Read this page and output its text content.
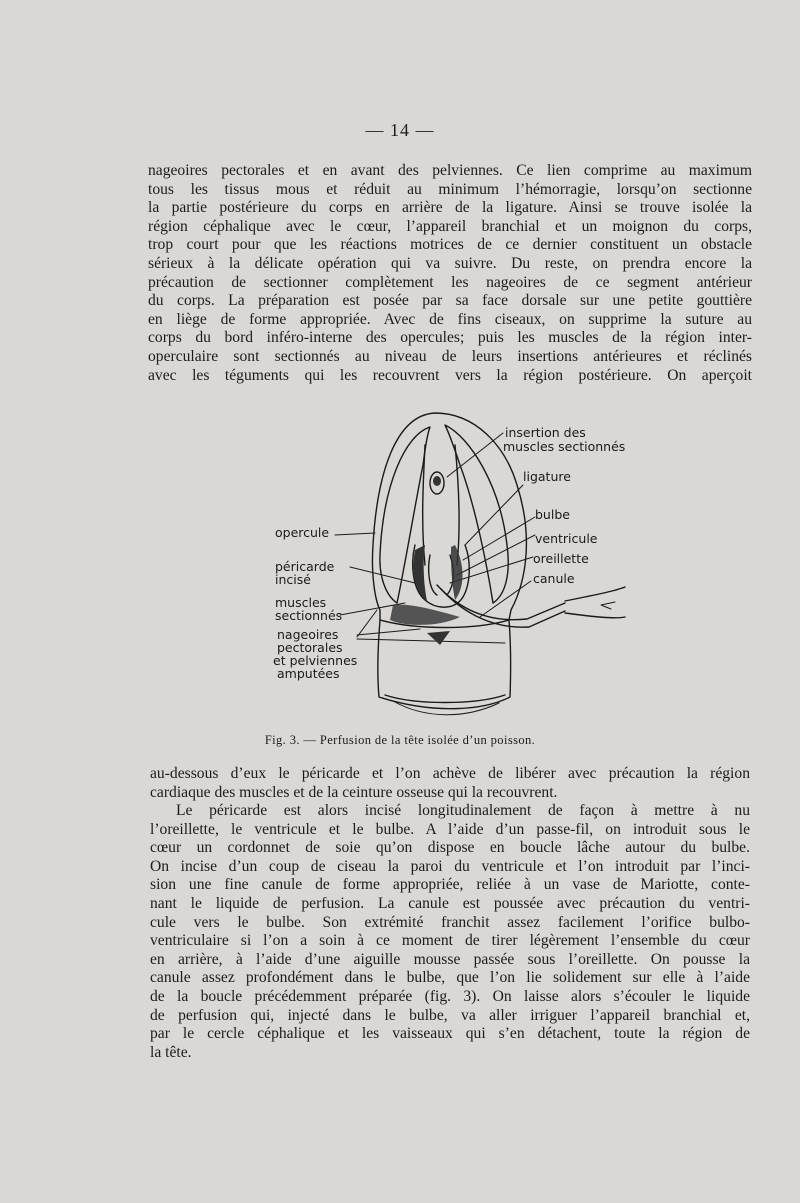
— 14 —

nageoires pectorales et en avant des pelviennes. Ce lien comprime au maximum
tous les tissus mous et réduit au minimum l’hémorragie, lorsqu’on sectionne
la partie postérieure du corps en arrière de la ligature. Ainsi se trouve isolée la
région céphalique avec le cœur, l’appareil branchial et un moignon du corps,
trop court pour que les réactions motrices de ce dernier constituent un obstacle
sérieux à la délicate opération qui va suivre. Du reste, on prendra encore la
précaution de sectionner complètement les nageoires de ce segment antérieur
du corps. La préparation est posée par sa face dorsale sur une petite gouttière
en liège de forme appropriée. Avec de fins ciseaux, on supprime la suture au
corps du bord inféro-interne des opercules; puis les muscles de la région inter-
operculaire sont sectionnés au niveau de leurs insertions antérieures et réclinés
avec les téguments qui les recouvrent vers la région postérieure. On aperçoit

insertion des
muscles sectionnés
ligature
bulbe
ventricule
oreillette
canule
opercule
péricarde
incisé
muscles
sectionnés
nageoires
pectorales
et pelviennes
amputées
Fig. 3. — Perfusion de la tête isolée d’un poisson.

au-dessous d’eux le péricarde et l’on achève de libérer avec précaution la région
cardiaque des muscles et de la ceinture osseuse qui la recouvrent.

Le péricarde est alors incisé longitudinalement de façon à mettre à nu
l’oreillette, le ventricule et le bulbe. A l’aide d’un passe-fil, on introduit sous le
cœur un cordonnet de soie qu’on dispose en boucle lâche autour du bulbe.
On incise d’un coup de ciseau la paroi du ventricule et l’on introduit par l’inci-
sion une fine canule de forme appropriée, reliée à un vase de Mariotte, conte-
nant le liquide de perfusion. La canule est poussée avec précaution du ventri-
cule vers le bulbe. Son extrémité franchit assez facilement l’orifice bulbo-
ventriculaire si l’on a soin à ce moment de tirer légèrement l’ensemble du cœur
en arrière, à l’aide d’une aiguille mousse passée sous l’oreillette. On pousse la
canule assez profondément dans le bulbe, que l’on lie solidement sur elle à l’aide
de la boucle précédemment préparée (fig. 3). On laisse alors s’écouler le liquide
de perfusion qui, injecté dans le bulbe, va aller irriguer l’appareil branchial et,
par le cercle céphalique et les vaisseaux qui s’en détachent, toute la région de
la tête.
